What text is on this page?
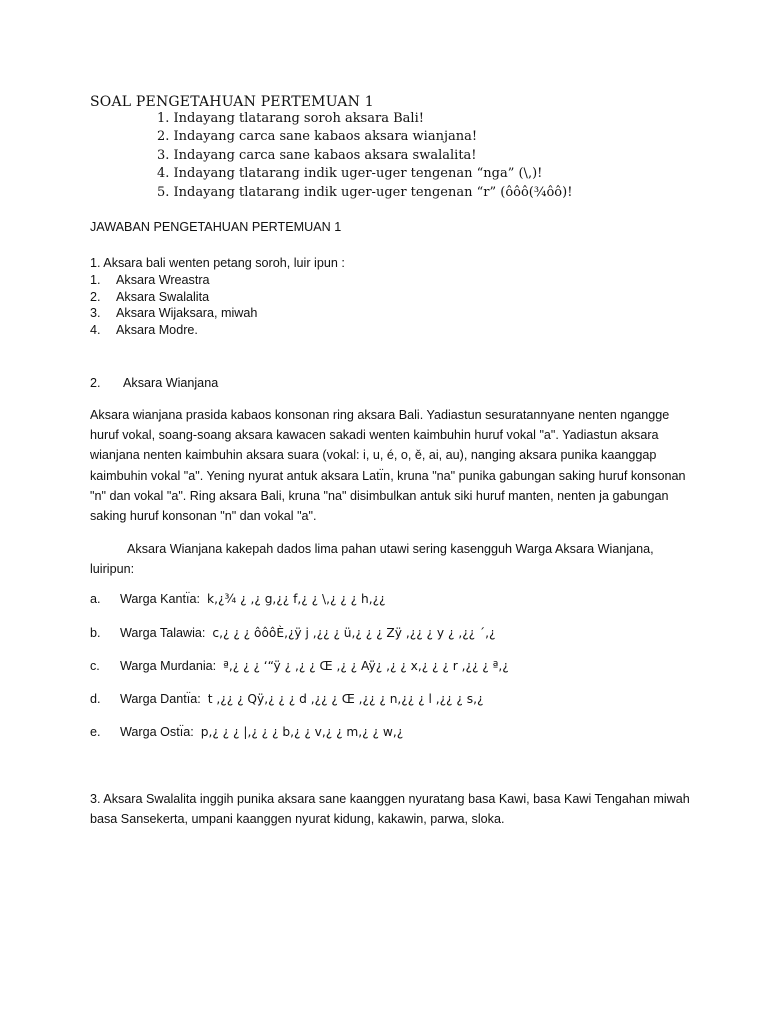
SOAL PENGETAHUAN PERTEMUAN 1
1. Indayang tlatarang soroh aksara Bali!
2. Indayang carca sane kabaos aksara wianjana!
3. Indayang carca sane kabaos aksara swalalita!
4. Indayang tlatarang indik uger-uger tengenan “nga” (\,)!
5. Indayang tlatarang indik uger-uger tengenan “r” (ôôô(¾ôô)!
JAWABAN PENGETAHUAN PERTEMUAN 1
1. Aksara bali wenten petang soroh, luir ipun :
1. Aksara Wreastra
2. Aksara Swalalita
3. Aksara Wijaksara, miwah
4. Aksara Modre.
2. Aksara Wianjana
Aksara wianjana prasida kabaos konsonan ring aksara Bali. Yadiastun sesuratannyane nenten ngangge huruf vokal, soang-soang aksara kawacen sakadi wenten kaimbuhin huruf vokal "a". Yadiastun aksara wianjana nenten kaimbuhin aksara suara (vokal: i, u, é, o, ě, ai, au), nanging aksara punika kaanggap kaimbuhin vokal "a". Yening nyurat antuk aksara Latı̈n, kruna "na" punika gabungan saking huruf konsonan "n" dan vokal "a". Ring aksara Bali, kruna "na" disimbulkan antuk siki huruf manten, nenten ja gabungan saking huruf konsonan "n" dan vokal "a".
Aksara Wianjana kakepah dados lima pahan utawi sering kasengguh Warga Aksara Wianjana, luiripun:
a. Warga Kantı̈a: k,¿¾ ¿ ,¿ g,¿¿ f,¿ ¿ \,¿ ¿ ¿ h,¿¿
b. Warga Talawia: c,¿ ¿ ¿ ôôôÈ,¿ÿ j ,¿¿ ¿ ü,¿ ¿ ¿ Zÿ ,¿¿ ¿ y ¿ ,¿¿ ´,¿
c. Warga Murdania: ª,¿ ¿ ¿ ‘“ÿ ¿ ,¿ ¿ Œ ,¿ ¿ Aÿ¿ ,¿ ¿ x,¿ ¿ ¿ r ,¿¿ ¿ ª,¿
d. Warga Dantı̈a: t ,¿¿ ¿ Qÿ,¿ ¿ ¿ d ,¿¿ ¿ Œ ,¿¿ ¿ n,¿¿ ¿ l ,¿¿ ¿ s,¿
e. Warga Ostı̈a: p,¿ ¿ ¿ |,¿ ¿ ¿ b,¿ ¿ v,¿ ¿ m,¿ ¿ w,¿
3. Aksara Swalalita inggih punika aksara sane kaanggen nyuratang basa Kawi, basa Kawi Tengahan miwah basa Sansekerta, umpani kaanggen nyurat kidung, kakawin, parwa, sloka.
